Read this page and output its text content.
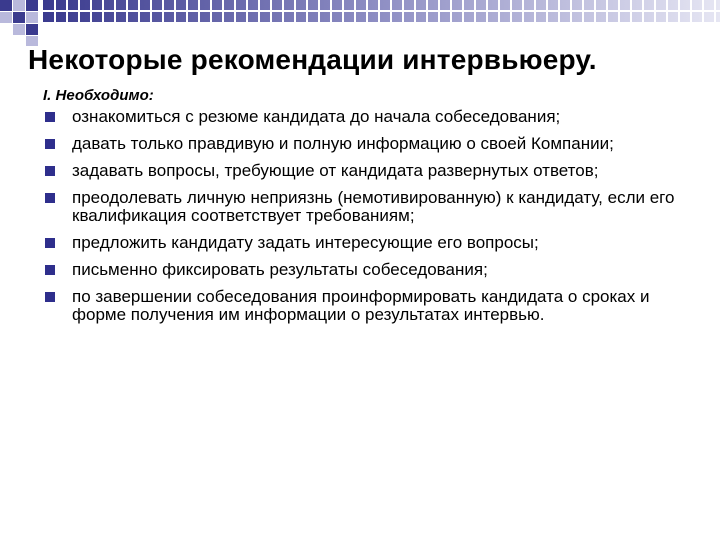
Некоторые рекомендации интервьюеру.
I. Необходимо:
ознакомиться с резюме кандидата до начала собеседования;
давать только правдивую и полную информацию о своей Компании;
задавать вопросы, требующие от кандидата развернутых ответов;
преодолевать личную неприязнь (немотивированную) к кандидату, если его квалификация соответствует требованиям;
предложить кандидату задать интересующие его вопросы;
письменно фиксировать результаты собеседования;
по завершении собеседования проинформировать кандидата о сроках и форме получения им информации о результатах интервью.
